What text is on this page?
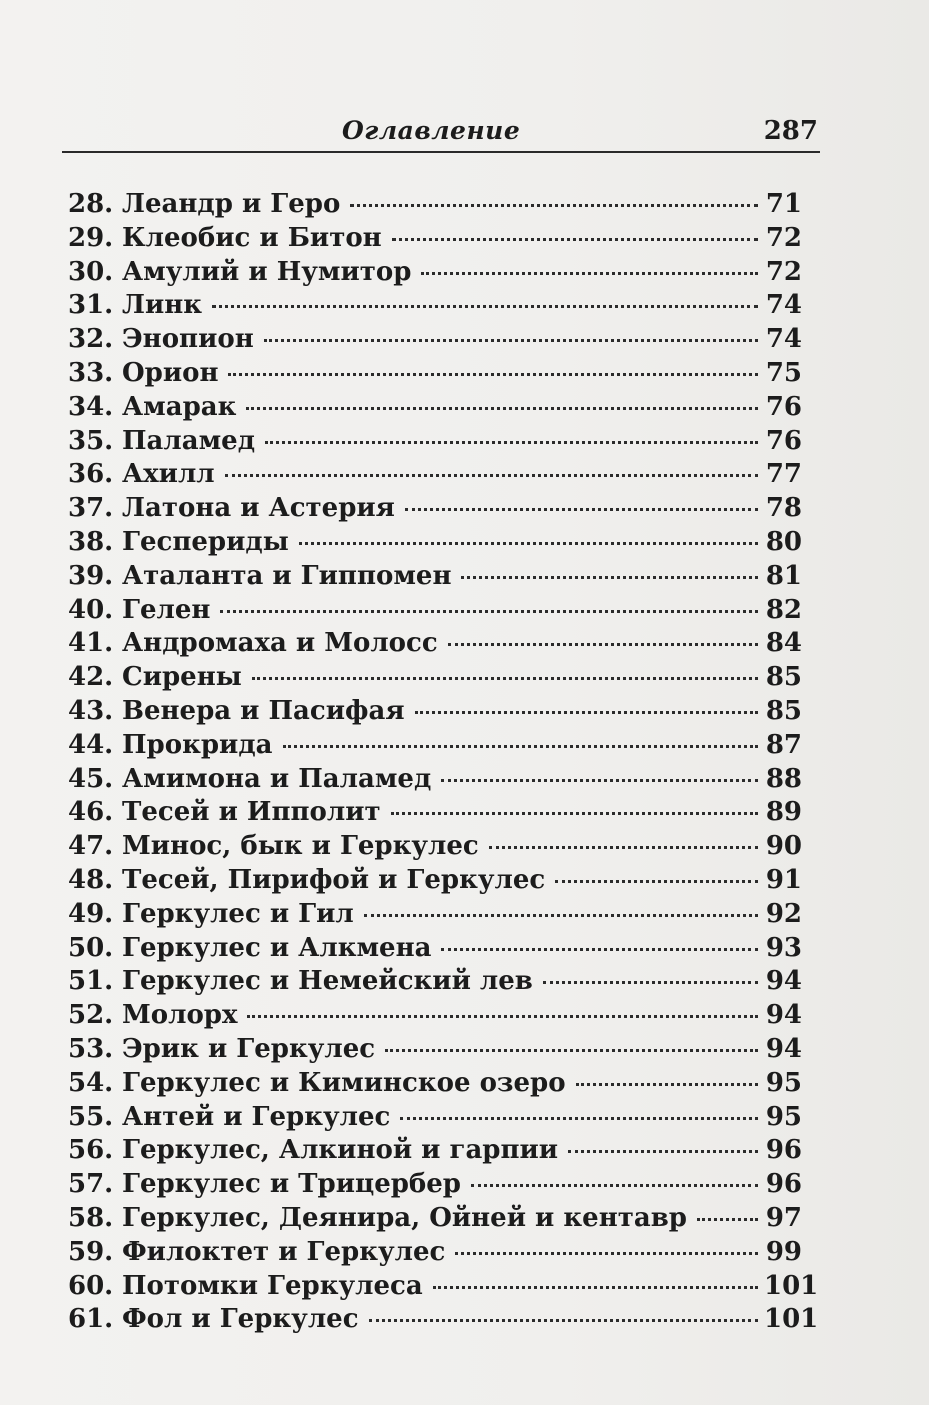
Оглавление	287
28. Леандр и Геро	71
29. Клеобис и Битон	72
30. Амулий и Нумитор	72
31. Линк	74
32. Энопион	74
33. Орион	75
34. Амарак	76
35. Паламед	76
36. Ахилл	77
37. Латона и Астерия	78
38. Геспериды	80
39. Аталанта и Гиппомен	81
40. Гелен	82
41. Андромаха и Молосс	84
42. Сирены	85
43. Венера и Пасифая	85
44. Прокрида	87
45. Амимона и Паламед	88
46. Тесей и Ипполит	89
47. Минос, бык и Геркулес	90
48. Тесей, Пирифой и Геркулес	91
49. Геркулес и Гил	92
50. Геркулес и Алкмена	93
51. Геркулес и Немейский лев	94
52. Молорх	94
53. Эрик и Геркулес	94
54. Геркулес и Киминское озеро	95
55. Антей и Геркулес	95
56. Геркулес, Алкиной и гарпии	96
57. Геркулес и Трицербер	96
58. Геркулес, Деянира, Ойней и кентавр	97
59. Филоктет и Геркулес	99
60. Потомки Геркулеса	101
61. Фол и Геркулес	101
